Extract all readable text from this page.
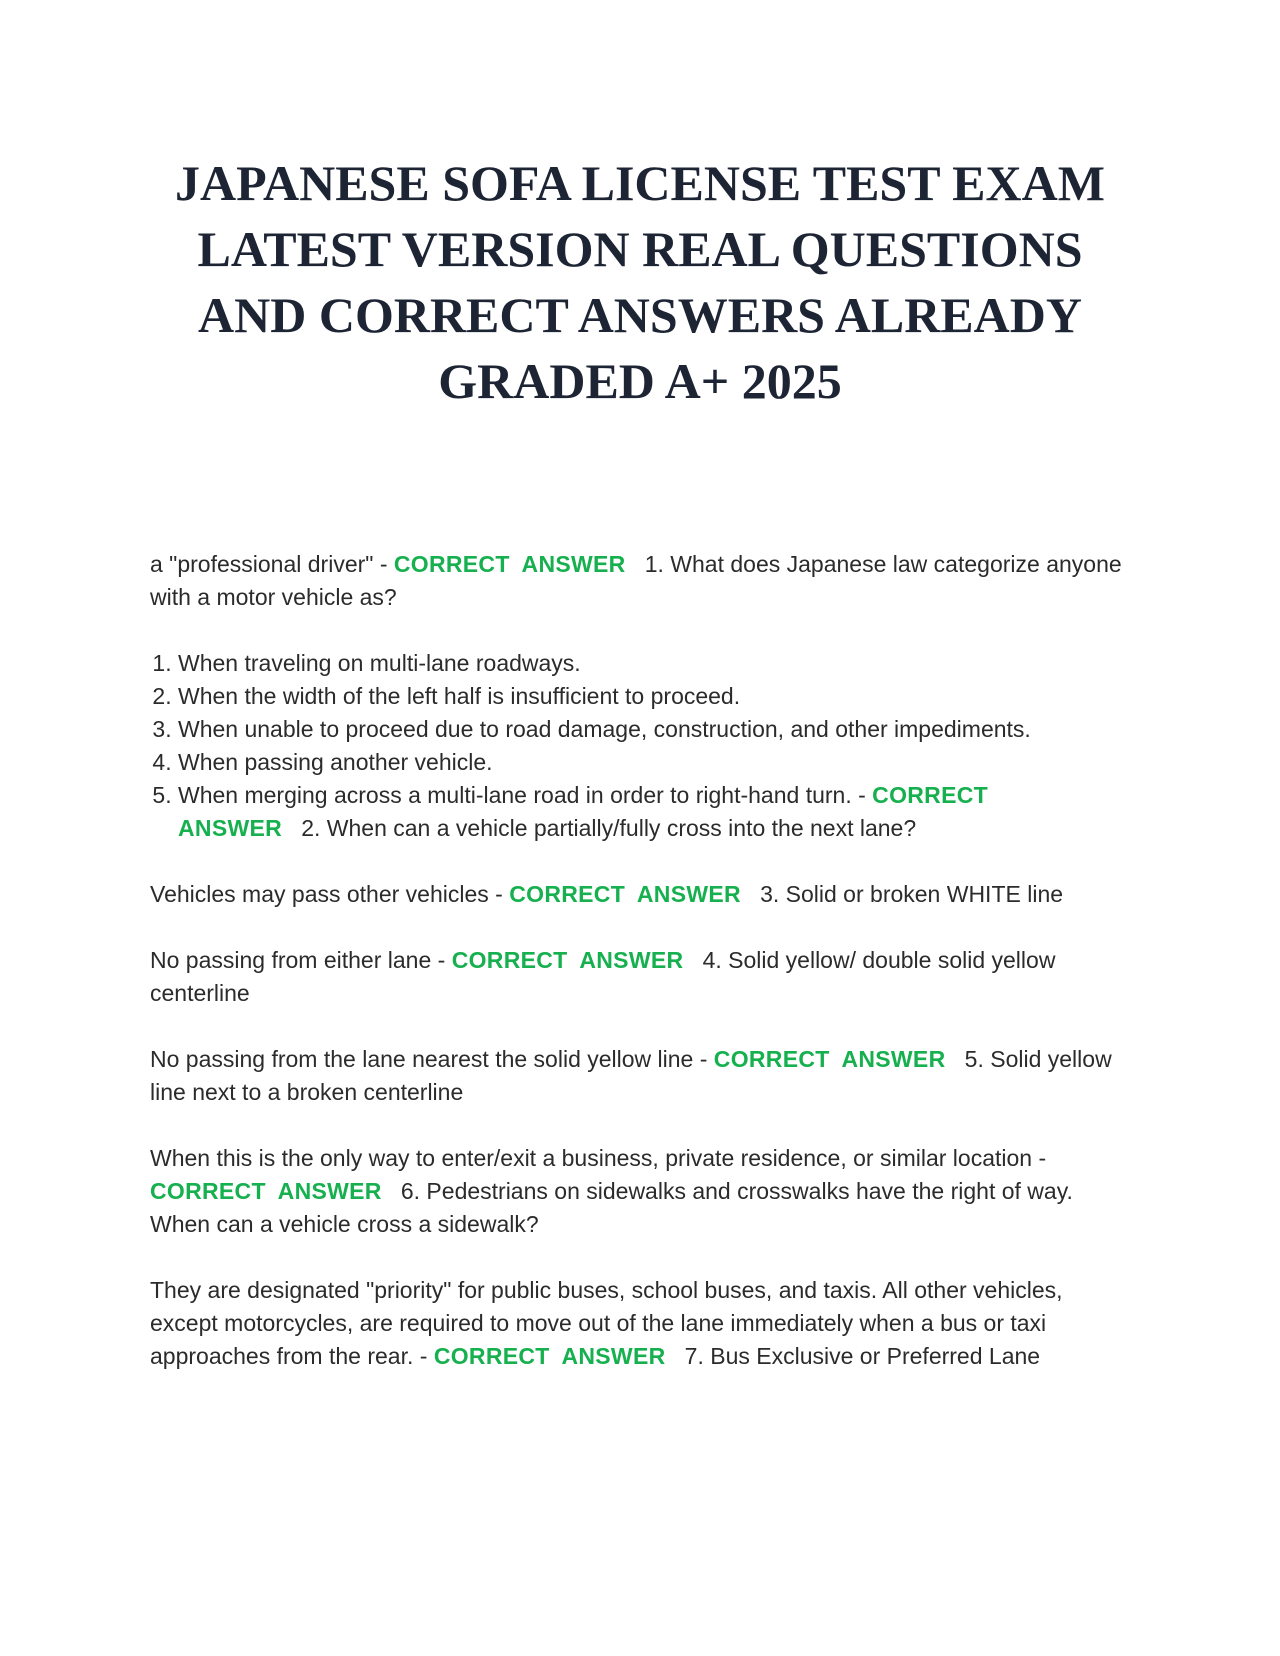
JAPANESE SOFA LICENSE TEST EXAM
LATEST VERSION REAL QUESTIONS
AND CORRECT ANSWERS ALREADY
GRADED A+ 2025

a "professional driver" - CORRECT ANSWER 1. What does Japanese law categorize anyone with a motor vehicle as?

1. When traveling on multi-lane roadways.
2. When the width of the left half is insufficient to proceed.
3. When unable to proceed due to road damage, construction, and other impediments.
4. When passing another vehicle.
5. When merging across a multi-lane road in order to right-hand turn. - CORRECT ANSWER 2. When can a vehicle partially/fully cross into the next lane?

Vehicles may pass other vehicles - CORRECT ANSWER 3. Solid or broken WHITE line

No passing from either lane - CORRECT ANSWER 4. Solid yellow/ double solid yellow centerline

No passing from the lane nearest the solid yellow line - CORRECT ANSWER 5. Solid yellow line next to a broken centerline

When this is the only way to enter/exit a business, private residence, or similar location - CORRECT ANSWER 6. Pedestrians on sidewalks and crosswalks have the right of way. When can a vehicle cross a sidewalk?

They are designated "priority" for public buses, school buses, and taxis. All other vehicles, except motorcycles, are required to move out of the lane immediately when a bus or taxi approaches from the rear. - CORRECT ANSWER 7. Bus Exclusive or Preferred Lane
